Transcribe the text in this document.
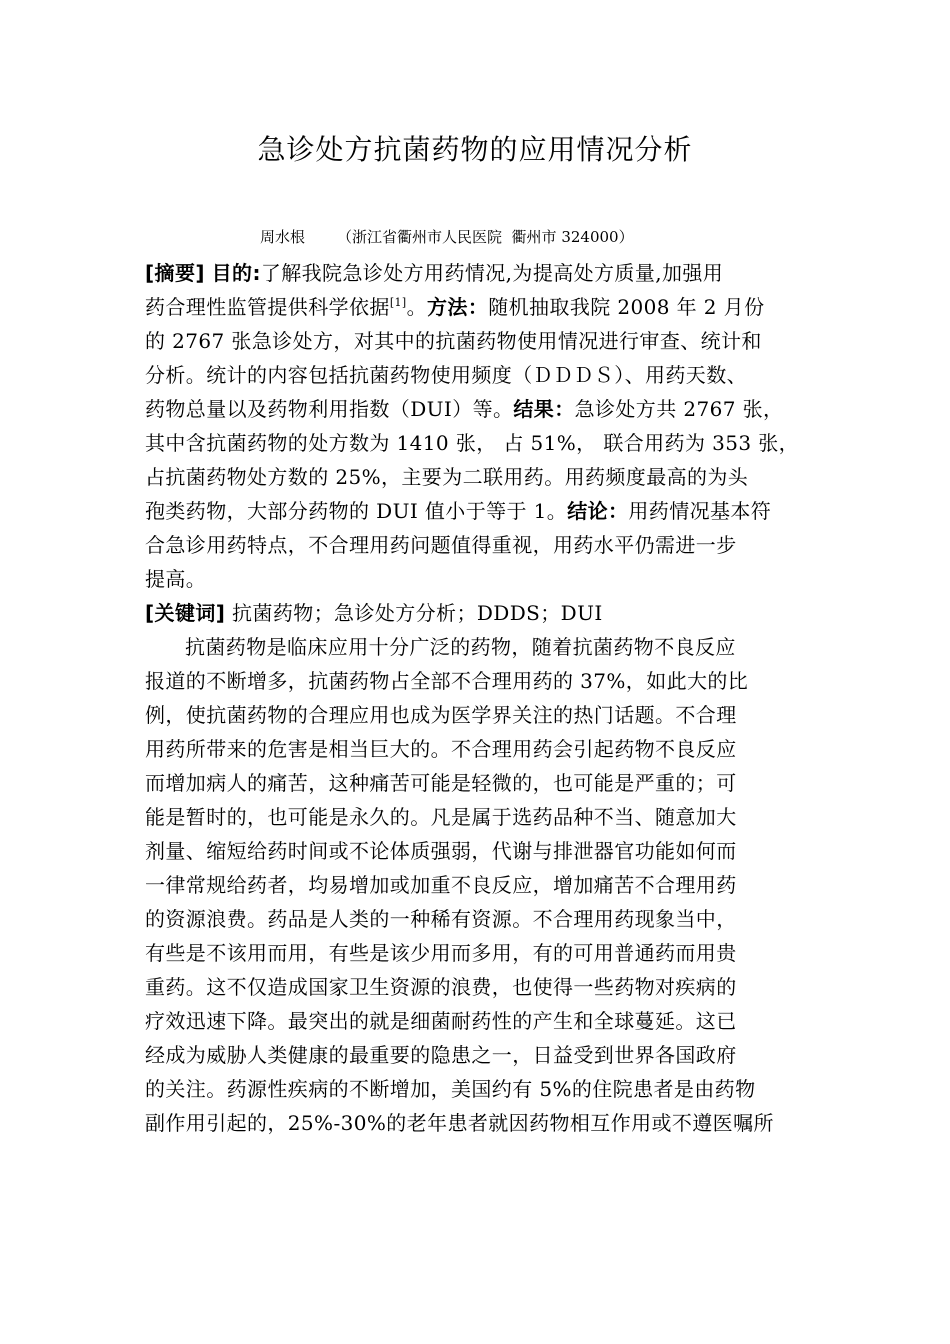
急诊处方抗菌药物的应用情况分析
周水根 （浙江省衢州市人民医院  衢州市 324000）
[摘要] 目的:了解我院急诊处方用药情况,为提高处方质量,加强用
药合理性监管提供科学依据[1]。方法：随机抽取我院 2008 年 2 月份
的 2767 张急诊处方，对其中的抗菌药物使用情况进行审查、统计和
分析。统计的内容包括抗菌药物使用频度（ＤＤＤＳ）、用药天数、
药物总量以及药物利用指数（DUI）等。结果：急诊处方共 2767 张，
其中含抗菌药物的处方数为 1410 张， 占 51%， 联合用药为 353 张，
占抗菌药物处方数的 25%，主要为二联用药。用药频度最高的为头
孢类药物，大部分药物的 DUI 值小于等于 1。结论：用药情况基本符
合急诊用药特点，不合理用药问题值得重视，用药水平仍需进一步
提高。
[关键词] 抗菌药物；急诊处方分析；DDDS；DUI
抗菌药物是临床应用十分广泛的药物，随着抗菌药物不良反应
报道的不断增多，抗菌药物占全部不合理用药的 37%，如此大的比
例，使抗菌药物的合理应用也成为医学界关注的热门话题。不合理
用药所带来的危害是相当巨大的。不合理用药会引起药物不良反应
而增加病人的痛苦，这种痛苦可能是轻微的，也可能是严重的；可
能是暂时的，也可能是永久的。凡是属于选药品种不当、随意加大
剂量、缩短给药时间或不论体质强弱，代谢与排泄器官功能如何而
一律常规给药者，均易增加或加重不良反应，增加痛苦不合理用药
的资源浪费。药品是人类的一种稀有资源。不合理用药现象当中，
有些是不该用而用，有些是该少用而多用，有的可用普通药而用贵
重药。这不仅造成国家卫生资源的浪费，也使得一些药物对疾病的
疗效迅速下降。最突出的就是细菌耐药性的产生和全球蔓延。这已
经成为威胁人类健康的最重要的隐患之一，日益受到世界各国政府
的关注。药源性疾病的不断增加，美国约有 5%的住院患者是由药物
副作用引起的，25%-30%的老年患者就因药物相互作用或不遵医嘱所
